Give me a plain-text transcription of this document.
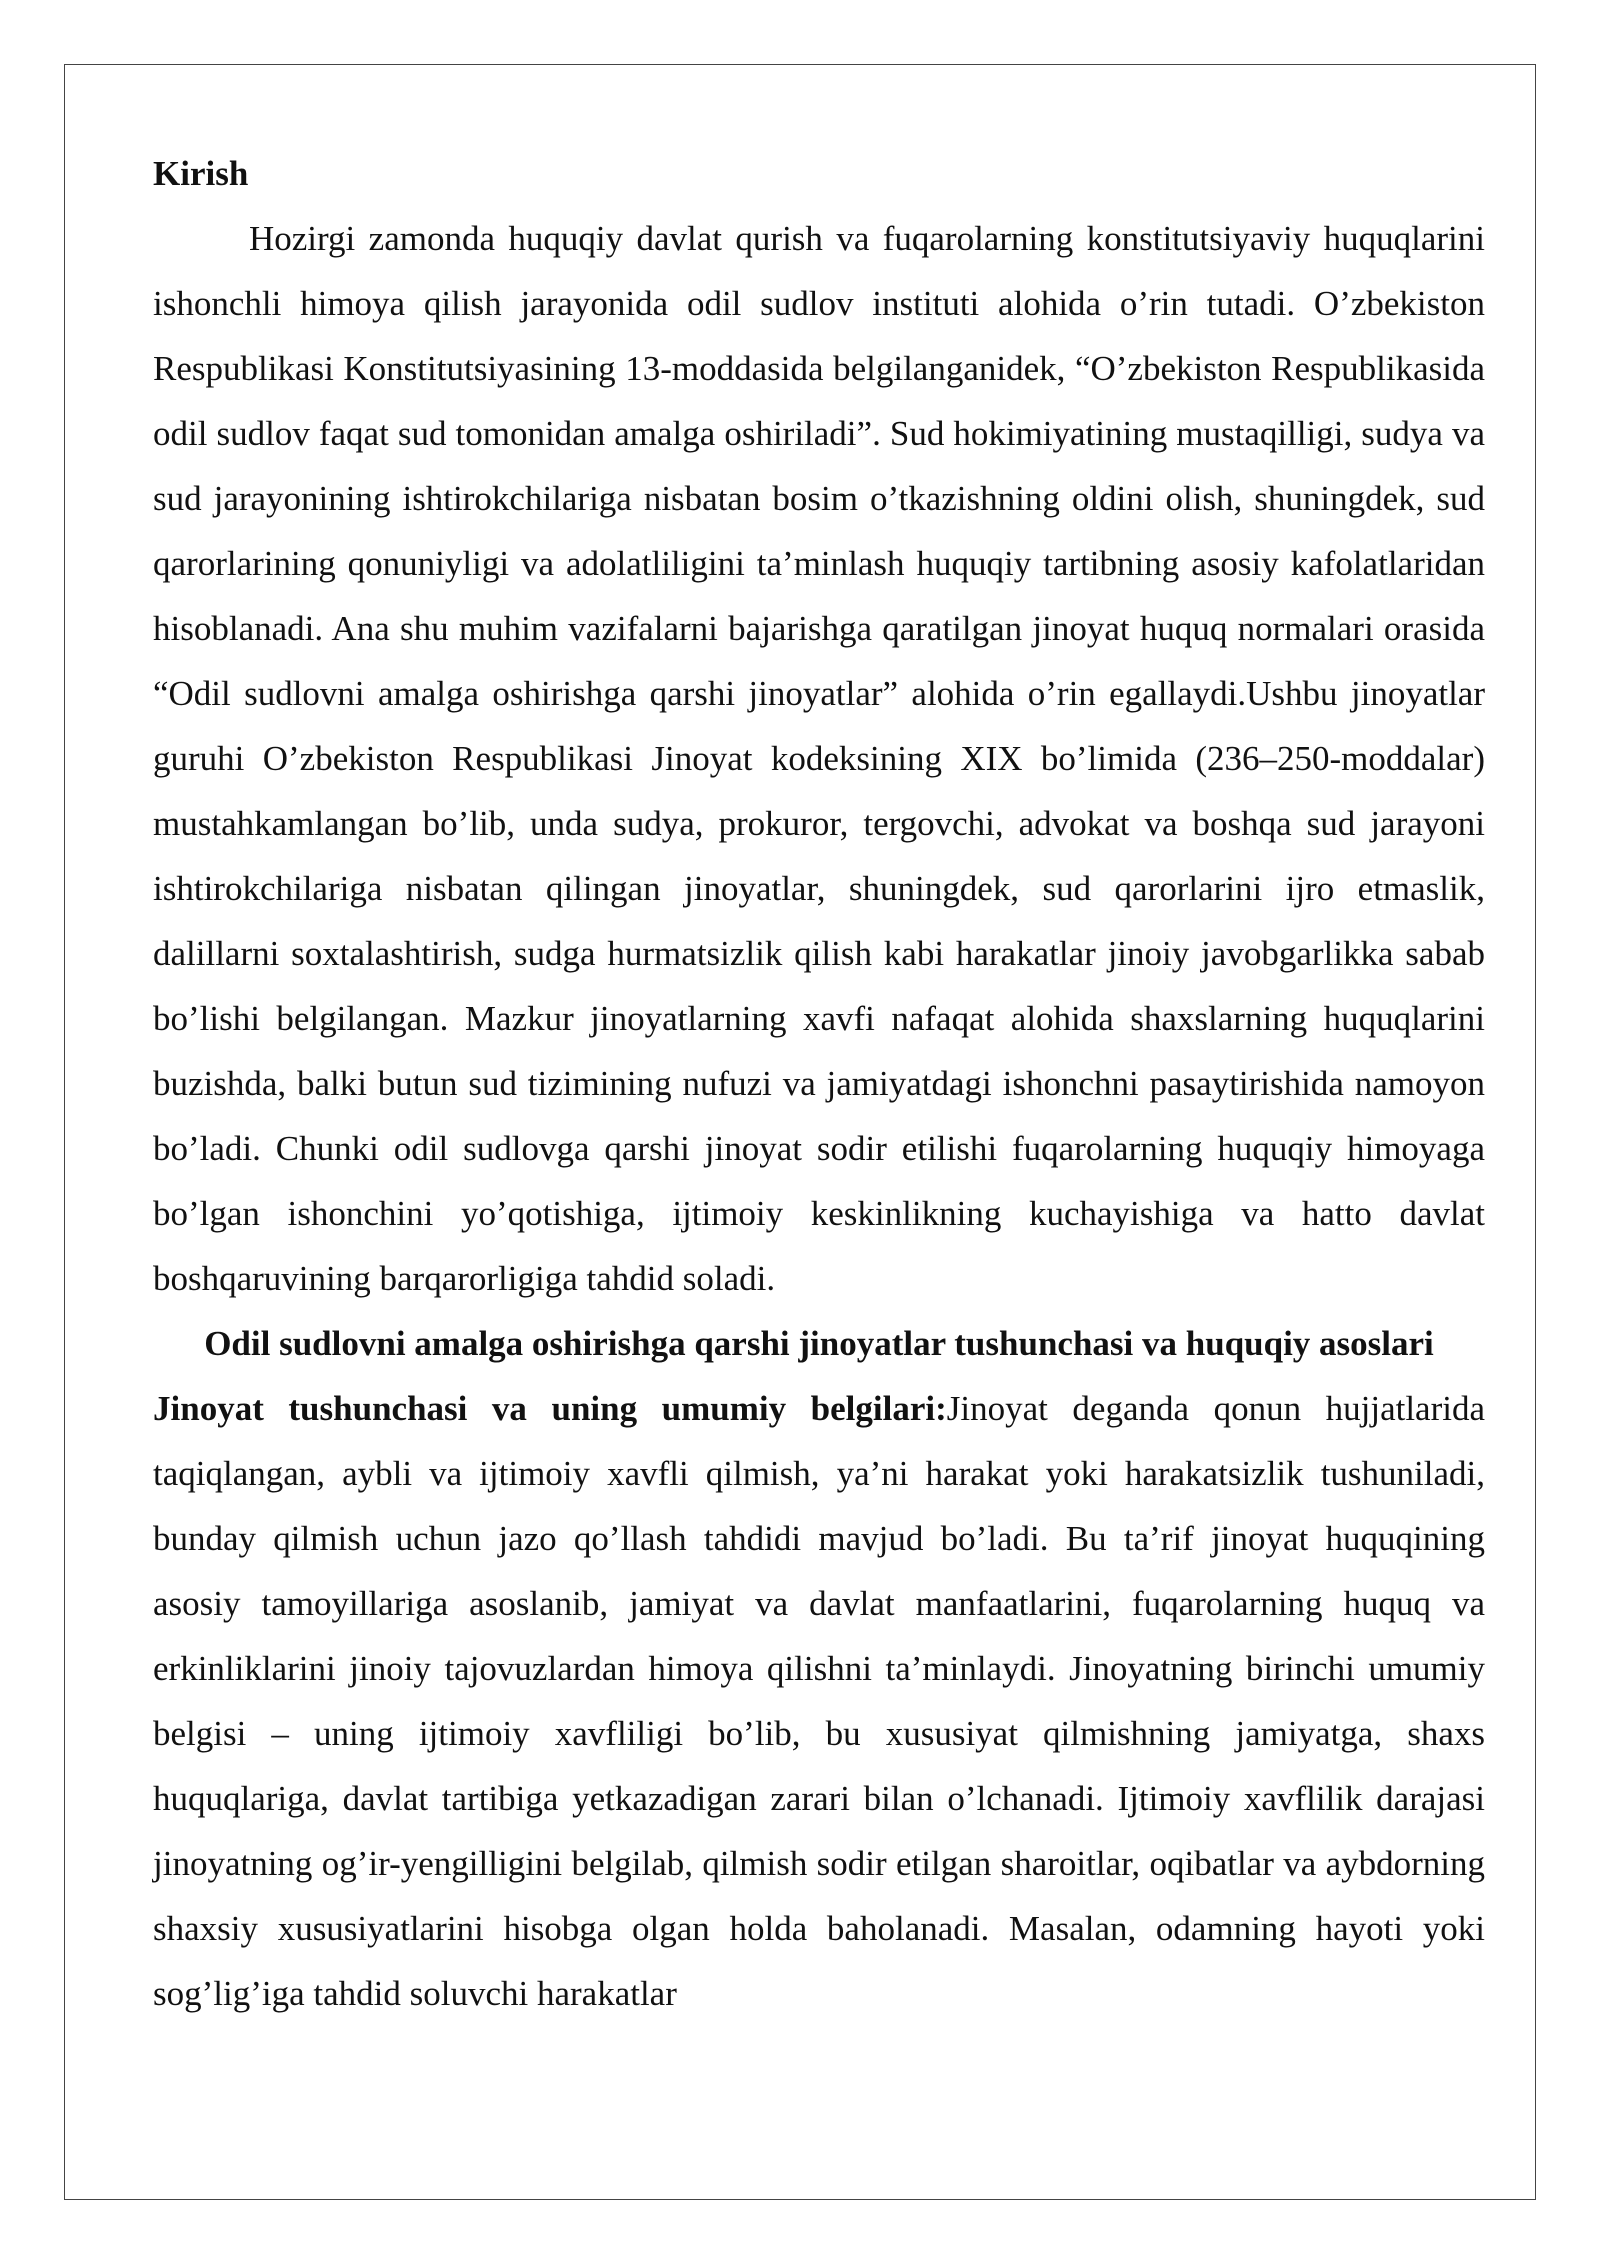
Kirish

Hozirgi zamonda huquqiy davlat qurish va fuqarolarning konstitutsiyaviy huquqlarini ishonchli himoya qilish jarayonida odil sudlov instituti alohida o’rin tutadi. O’zbekiston Respublikasi Konstitutsiyasining 13-moddasida belgilanganidek, “O’zbekiston Respublikasida odil sudlov faqat sud tomonidan amalga oshiriladi”. Sud hokimiyatining mustaqilligi, sudya va sud jarayonining ishtirokchilariga nisbatan bosim o’tkazishning oldini olish, shuningdek, sud qarorlarining qonuniyligi va adolatliligini ta’minlash huquqiy tartibning asosiy kafolatlaridan hisoblanadi. Ana shu muhim vazifalarni bajarishga qaratilgan jinoyat huquq normalari orasida “Odil sudlovni amalga oshirishga qarshi jinoyatlar” alohida o’rin egallaydi.Ushbu jinoyatlar guruhi O’zbekiston Respublikasi Jinoyat kodeksining XIX bo’limida (236–250-moddalar) mustahkamlangan bo’lib, unda sudya, prokuror, tergovchi, advokat va boshqa sud jarayoni ishtirokchilariga nisbatan qilingan jinoyatlar, shuningdek, sud qarorlarini ijro etmaslik, dalillarni soxtalashtirish, sudga hurmatsizlik qilish kabi harakatlar jinoiy javobgarlikka sabab bo’lishi belgilangan. Mazkur jinoyatlarning xavfi nafaqat alohida shaxslarning huquqlarini buzishda, balki butun sud tizimining nufuzi va jamiyatdagi ishonchni pasaytirishida namoyon bo’ladi. Chunki odil sudlovga qarshi jinoyat sodir etilishi fuqarolarning huquqiy himoyaga bo’lgan ishonchini yo’qotishiga, ijtimoiy keskinlikning kuchayishiga va hatto davlat boshqaruvining barqarorligiga tahdid soladi.

Odil sudlovni amalga oshirishga qarshi jinoyatlar tushunchasi va huquqiy asoslari

Jinoyat tushunchasi va uning umumiy belgilari:Jinoyat deganda qonun hujjatlarida taqiqlangan, aybli va ijtimoiy xavfli qilmish, ya’ni harakat yoki harakatsizlik tushuniladi, bunday qilmish uchun jazo qo’llash tahdidi mavjud bo’ladi. Bu ta’rif jinoyat huquqining asosiy tamoyillariga asoslanib, jamiyat va davlat manfaatlarini, fuqarolarning huquq va erkinliklarini jinoiy tajovuzlardan himoya qilishni ta’minlaydi. Jinoyatning birinchi umumiy belgisi – uning ijtimoiy xavfliligi bo’lib, bu xususiyat qilmishning jamiyatga, shaxs huquqlariga, davlat tartibiga yetkazadigan zarari bilan o’lchanadi. Ijtimoiy xavflilik darajasi jinoyatning og’ir-yengilligini belgilab, qilmish sodir etilgan sharoitlar, oqibatlar va aybdorning shaxsiy xususiyatlarini hisobga olgan holda baholanadi. Masalan, odamning hayoti yoki sog’lig’iga tahdid soluvchi harakatlar
